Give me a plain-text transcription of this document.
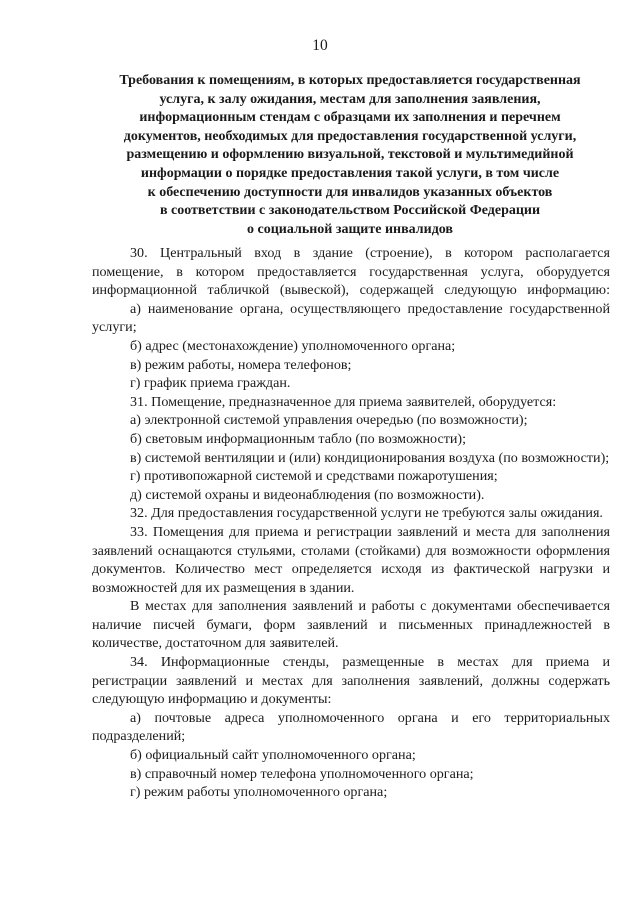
10
Требования к помещениям, в которых предоставляется государственная
услуга, к залу ожидания, местам для заполнения заявления,
информационным стендам с образцами их заполнения и перечнем
документов, необходимых для предоставления государственной услуги,
размещению и оформлению визуальной, текстовой и мультимедийной
информации о порядке предоставления такой услуги, в том числе
к обеспечению доступности для инвалидов указанных объектов
в соответствии с законодательством Российской Федерации
о социальной защите инвалидов

30. Центральный вход в здание (строение), в котором располагается помещение, в котором предоставляется государственная услуга, оборудуется информационной табличкой (вывеской), содержащей следующую информацию:

а) наименование органа, осуществляющего предоставление государственной услуги;

б) адрес (местонахождение) уполномоченного органа;

в) режим работы, номера телефонов;

г) график приема граждан.

31. Помещение, предназначенное для приема заявителей, оборудуется:

а) электронной системой управления очередью (по возможности);

б) световым информационным табло (по возможности);

в) системой вентиляции и (или) кондиционирования воздуха (по возможности);

г) противопожарной системой и средствами пожаротушения;

д) системой охраны и видеонаблюдения (по возможности).

32. Для предоставления государственной услуги не требуются залы ожидания.

33. Помещения для приема и регистрации заявлений и места для заполнения заявлений оснащаются стульями, столами (стойками) для возможности оформления документов. Количество мест определяется исходя из фактической нагрузки и возможностей для их размещения в здании.

В местах для заполнения заявлений и работы с документами обеспечивается наличие писчей бумаги, форм заявлений и письменных принадлежностей в количестве, достаточном для заявителей.

34. Информационные стенды, размещенные в местах для приема и регистрации заявлений и местах для заполнения заявлений, должны содержать следующую информацию и документы:

а) почтовые адреса уполномоченного органа и его территориальных подразделений;

б) официальный сайт уполномоченного органа;

в) справочный номер телефона уполномоченного органа;

г) режим работы уполномоченного органа;
